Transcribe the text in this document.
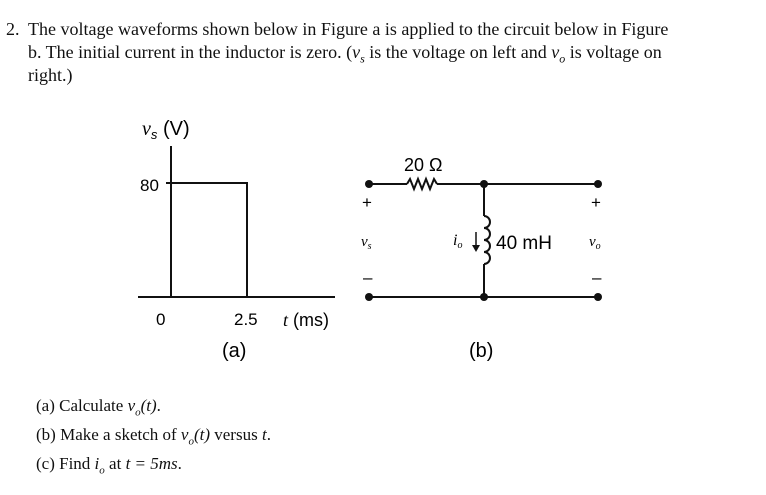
2. The voltage waveforms shown below in Figure a is applied to the circuit below in Figure
b. The initial current in the inductor is zero. ($v_s$ is the voltage on left and $v_o$ is voltage on
right.)
$v_s$ (V)
80
0	2.5 t (ms)
(a)
20 Ω
40 mH
+
–
+
–
$v_s$	$v_o$
io
(b)
(a) Calculate $v_o(t)$.
(b) Make a sketch of $v_o(t)$ versus t.
(c) Find $i_o$ at t = 5ms.
